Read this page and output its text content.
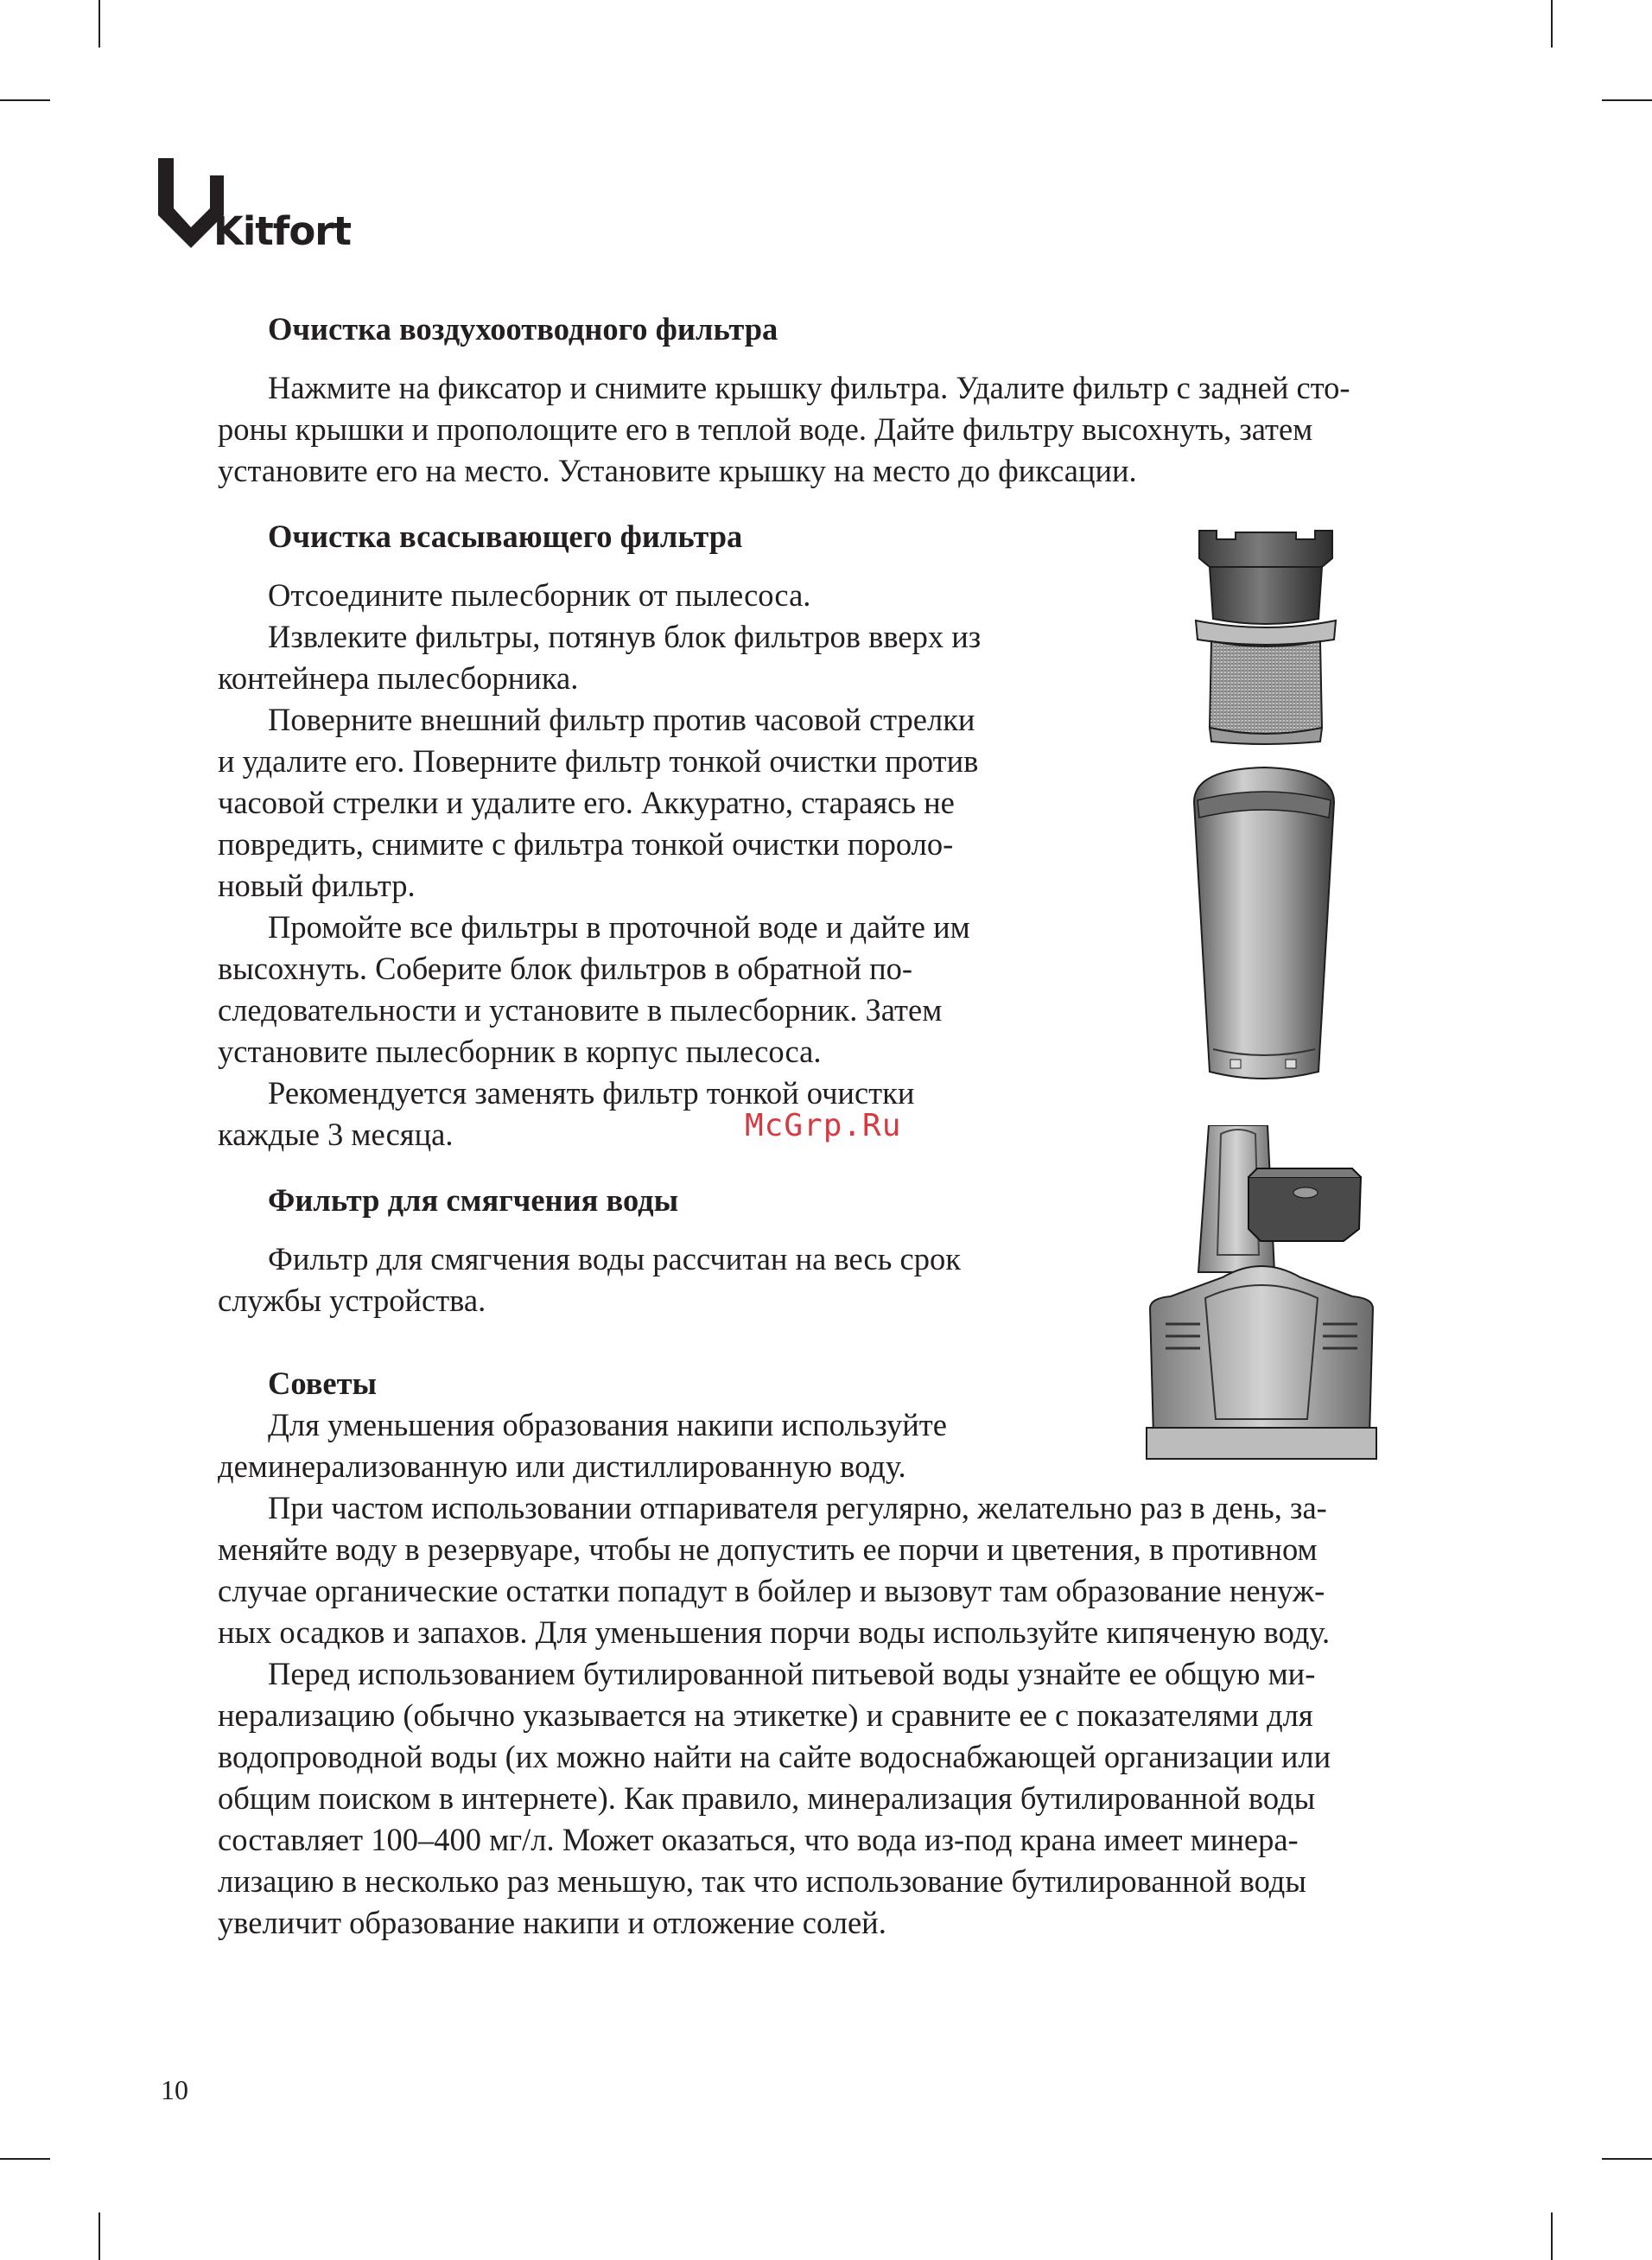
Kitfort
Очистка воздухоотводного фильтра

Нажмите на фиксатор и снимите крышку фильтра. Удалите фильтр с задней сто-

роны крышки и прополощите его в теплой воде. Дайте фильтру высохнуть, затем

установите его на место. Установите крышку на место до фиксации.

Очистка всасывающего фильтра

Отсоедините пылесборник от пылесоса.

Извлеките фильтры, потянув блок фильтров вверх из

контейнера пылесборника.

Поверните внешний фильтр против часовой стрелки

и удалите его. Поверните фильтр тонкой очистки против

часовой стрелки и удалите его. Аккуратно, стараясь не

повредить, снимите с фильтра тонкой очистки пороло-

новый фильтр.

Промойте все фильтры в проточной воде и дайте им

высохнуть. Соберите блок фильтров в обратной по-

следовательности и установите в пылесборник. Затем

установите пылесборник в корпус пылесоса.

Рекомендуется заменять фильтр тонкой очистки

каждые 3 месяца.

Фильтр для смягчения воды

Фильтр для смягчения воды рассчитан на весь срок

службы устройства.

Советы

Для уменьшения образования накипи используйте

деминерализованную или дистиллированную воду.

При частом использовании отпаривателя регулярно, желательно раз в день, за-

меняйте воду в резервуаре, чтобы не допустить ее порчи и цветения, в противном

случае органические остатки попадут в бойлер и вызовут там образование ненуж-

ных осадков и запахов. Для уменьшения порчи воды используйте кипяченую воду.

Перед использованием бутилированной питьевой воды узнайте ее общую ми-

нерализацию (обычно указывается на этикетке) и сравните ее с показателями для

водопроводной воды (их можно найти на сайте водоснабжающей организации или

общим поиском в интернете). Как правило, минерализация бутилированной воды

составляет 100–400 мг/л. Может оказаться, что вода из-под крана имеет минера-

лизацию в несколько раз меньшую, так что использование бутилированной воды

увеличит образование накипи и отложение солей.

McGrp.Ru
10
